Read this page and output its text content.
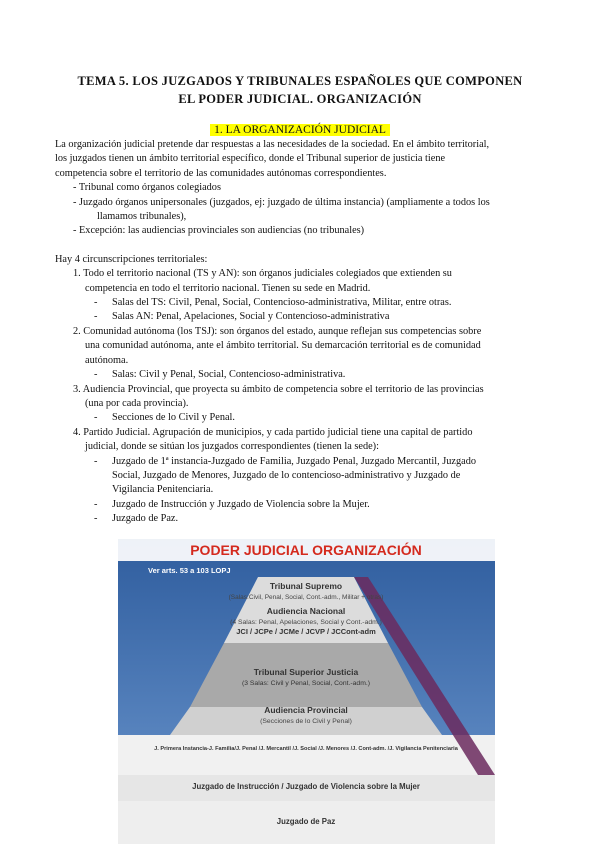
TEMA 5. LOS JUZGADOS Y TRIBUNALES ESPAÑOLES QUE COMPONEN
EL PODER JUDICIAL. ORGANIZACIÓN
1. LA ORGANIZACIÓN JUDICIAL

La organización judicial pretende dar respuestas a las necesidades de la sociedad. En el ámbito territorial,

los juzgados tienen un ámbito territorial específico, donde el Tribunal superior de justicia tiene

competencia sobre el territorio de las comunidades autónomas correspondientes.

- Tribunal como órganos colegiados

- Juzgado órganos unipersonales (juzgados, ej: juzgado de última instancia) (ampliamente a todos los

llamamos tribunales),

- Excepción: las audiencias provinciales son audiencias (no tribunales)

Hay 4 circunscripciones territoriales:

1. Todo el territorio nacional (TS y AN): son órganos judiciales colegiados que extienden su

competencia en todo el territorio nacional. Tienen su sede en Madrid.

- Salas del TS: Civil, Penal, Social, Contencioso-administrativa, Militar, entre otras.

- Salas AN: Penal, Apelaciones, Social y Contencioso-administrativa

2. Comunidad autónoma (los TSJ): son órganos del estado, aunque reflejan sus competencias sobre

una comunidad autónoma, ante el ámbito territorial. Su demarcación territorial es de comunidad

autónoma.

- Salas: Civil y Penal, Social, Contencioso-administrativa.

3. Audiencia Provincial, que proyecta su ámbito de competencia sobre el territorio de las provincias

(una por cada provincia).

- Secciones de lo Civil y Penal.

4. Partido Judicial. Agrupación de municipios, y cada partido judicial tiene una capital de partido

judicial, donde se sitúan los juzgados correspondientes (tienen la sede):

- Juzgado de 1ª instancia-Juzgado de Familia, Juzgado Penal, Juzgado Mercantil, Juzgado

Social, Juzgado de Menores, Juzgado de lo contencioso-administrativo y Juzgado de

Vigilancia Penitenciaria.

- Juzgado de Instrucción y Juzgado de Violencia sobre la Mujer.

- Juzgado de Paz.

PODER JUDICIAL ORGANIZACIÓN
Ver arts. 53 a 103 LOPJ
Tribunal Supremo
(Salas:Civil, Penal, Social, Cont.-adm., Militar + otras)
Audiencia Nacional
(4 Salas: Penal, Apelaciones, Social y Cont.-adm.)
JCI / JCPe / JCMe / JCVP / JCCont-adm
Tribunal Superior Justicia
(3 Salas: Civil y Penal, Social, Cont.-adm.)
Audiencia Provincial
(Secciones de lo Civil y Penal)
J. Primera Instancia-J. Familia/J. Penal /J. Mercantil /J. Social /J. Menores /J. Cont-adm. /J. Vigilancia Penitenciaria
Juzgado de Instrucción / Juzgado de Violencia sobre la Mujer
Juzgado de Paz
